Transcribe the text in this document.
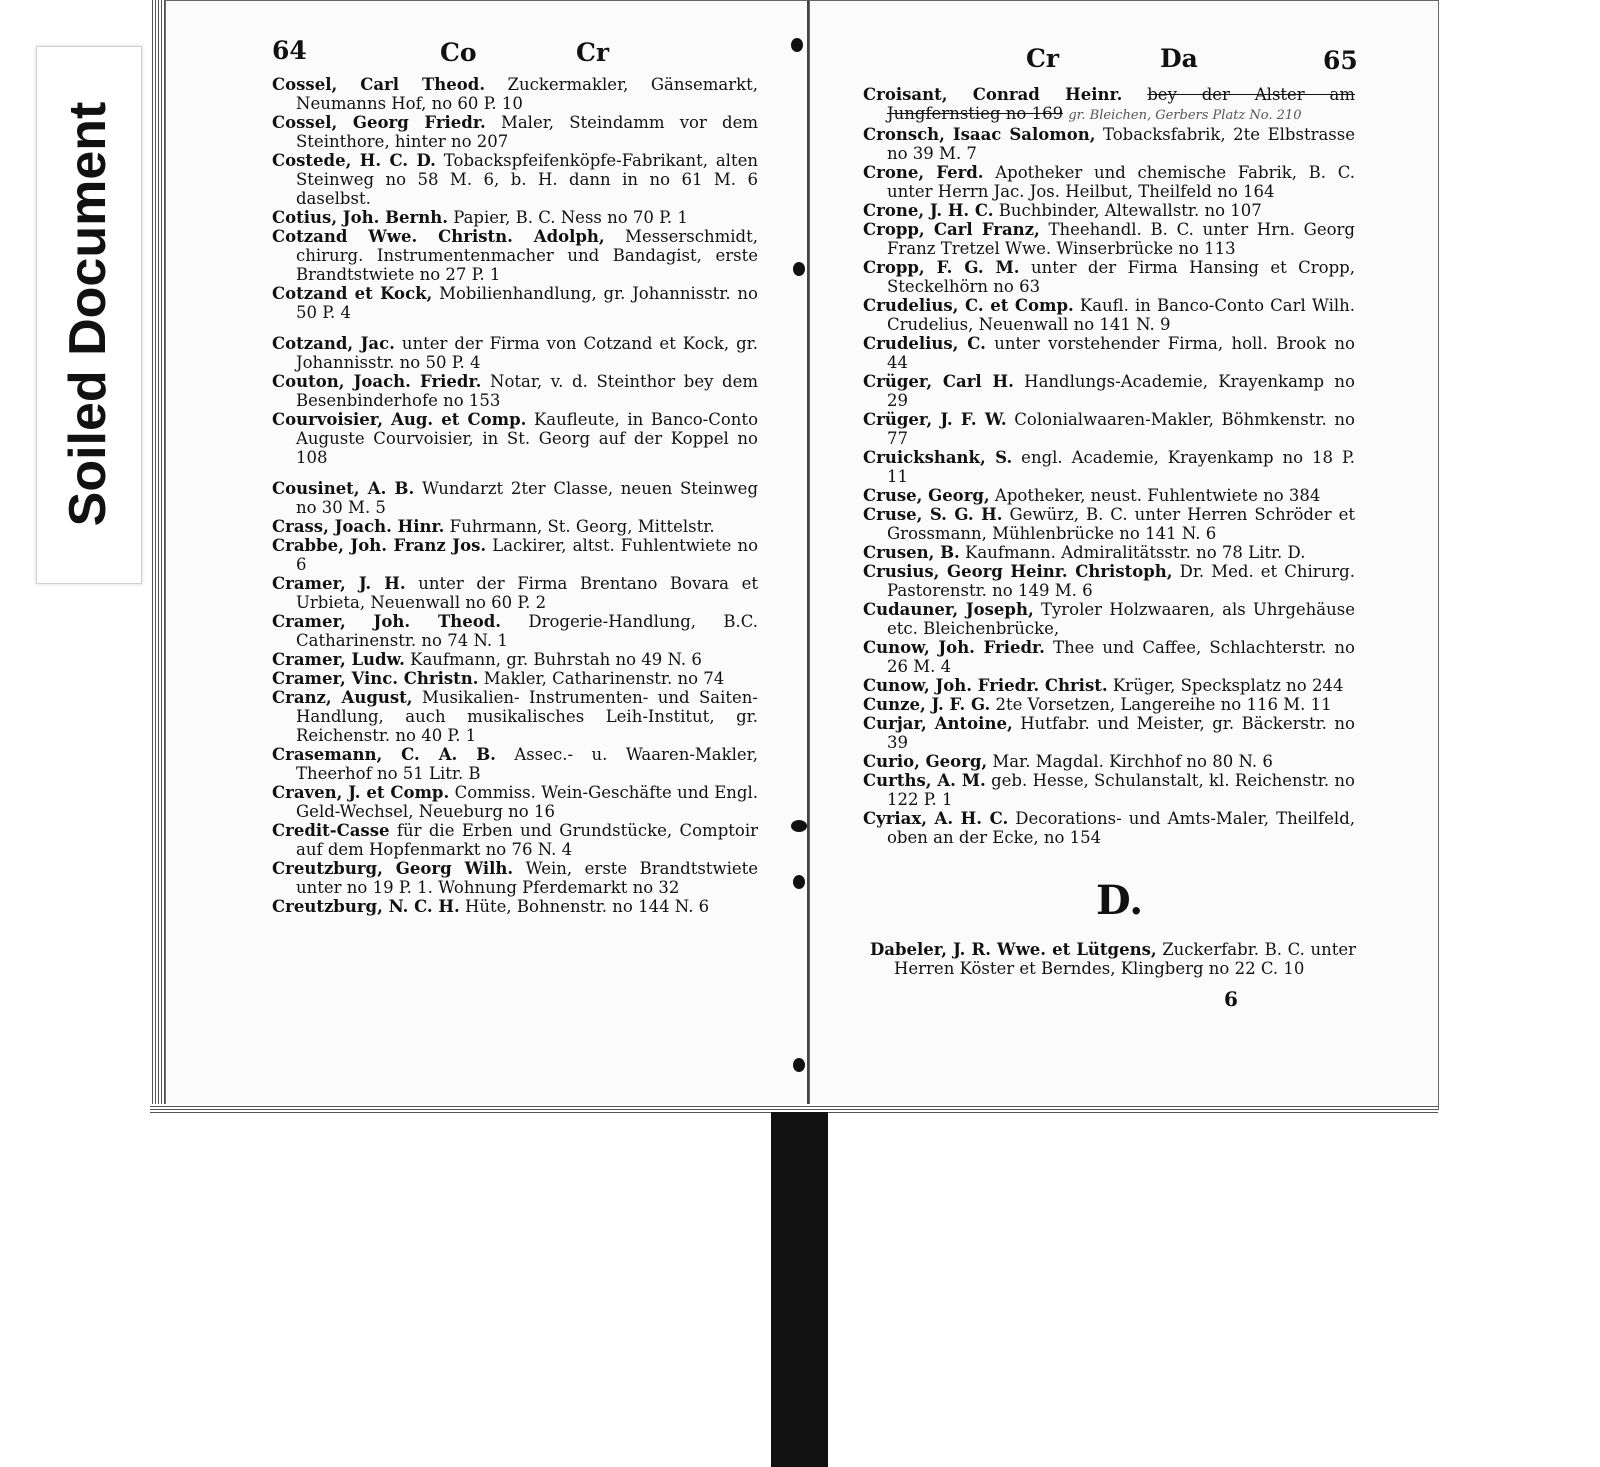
Soiled Document
64	Co	Cr	Cr	Da	65
Cossel, Carl Theod. Zuckermakler, Gänsemarkt, Neumanns Hof, no 60 P. 10
Cossel, Georg Friedr. Maler, Steindamm vor dem Steinthore, hinter no 207
Costede, H. C. D. Tobackspfeifenköpfe-Fabrikant, alten Steinweg no 58 M. 6, b. H. dann in no 61 M. 6 daselbst.
Cotius, Joh. Bernh. Papier, B. C. Ness no 70 P. 1
Cotzand Wwe. Christn. Adolph, Messerschmidt, chirurg. Instrumentenmacher und Bandagist, erste Brandtstwiete no 27 P. 1
Cotzand et Kock, Mobilienhandlung, gr. Johannisstr. no 50 P. 4
Cotzand, Jac. unter der Firma von Cotzand et Kock, gr. Johannisstr. no 50 P. 4
Couton, Joach. Friedr. Notar, v. d. Steinthor bey dem Besenbinderhofe no 153
Courvoisier, Aug. et Comp. Kaufleute, in Banco-Conto Auguste Courvoisier, in St. Georg auf der Koppel no 108
Cousinet, A. B. Wundarzt 2ter Classe, neuen Steinweg no 30 M. 5
Crass, Joach. Hinr. Fuhrmann, St. Georg, Mittelstr.
Crabbe, Joh. Franz Jos. Lackirer, altst. Fuhlentwiete no 6
Cramer, J. H. unter der Firma Brentano Bovara et Urbieta, Neuenwall no 60 P. 2
Cramer, Joh. Theod. Drogerie-Handlung, B.C. Catharinenstr. no 74 N. 1
Cramer, Ludw. Kaufmann, gr. Buhrstah no 49 N. 6
Cramer, Vinc. Christn. Makler, Catharinenstr. no 74
Cranz, August, Musikalien- Instrumenten- und Saiten-Handlung, auch musikalisches Leih-Institut, gr. Reichenstr. no 40 P. 1
Crasemann, C. A. B. Assec.- u. Waaren-Makler, Theerhof no 51 Litr. B
Craven, J. et Comp. Commiss. Wein-Geschäfte und Engl. Geld-Wechsel, Neueburg no 16
Credit-Casse für die Erben und Grundstücke, Comptoir auf dem Hopfenmarkt no 76 N. 4
Creutzburg, Georg Wilh. Wein, erste Brandtstwiete unter no 19 P. 1. Wohnung Pferdemarkt no 32
Creutzburg, N. C. H. Hüte, Bohnenstr. no 144 N. 6
Croisant, Conrad Heinr. bey der Alster am Jungfernstieg no 169 gr. Bleichen, Gerbers Platz No. 210
Cronsch, Isaac Salomon, Tobacksfabrik, 2te Elbstrasse no 39 M. 7
Crone, Ferd. Apotheker und chemische Fabrik, B. C. unter Herrn Jac. Jos. Heilbut, Theilfeld no 164
Crone, J. H. C. Buchbinder, Altewallstr. no 107
Cropp, Carl Franz, Theehandl. B. C. unter Hrn. Georg Franz Tretzel Wwe. Winserbrücke no 113
Cropp, F. G. M. unter der Firma Hansing et Cropp, Steckelhörn no 63
Crudelius, C. et Comp. Kaufl. in Banco-Conto Carl Wilh. Crudelius, Neuenwall no 141 N. 9
Crudelius, C. unter vorstehender Firma, holl. Brook no 44
Crüger, Carl H. Handlungs-Academie, Krayenkamp no 29
Crüger, J. F. W. Colonialwaaren-Makler, Böhmkenstr. no 77
Cruickshank, S. engl. Academie, Krayenkamp no 18 P. 11
Cruse, Georg, Apotheker, neust. Fuhlentwiete no 384
Cruse, S. G. H. Gewürz, B. C. unter Herren Schröder et Grossmann, Mühlenbrücke no 141 N. 6
Crusen, B. Kaufmann. Admiralitätsstr. no 78 Litr. D.
Crusius, Georg Heinr. Christoph, Dr. Med. et Chirurg. Pastorenstr. no 149 M. 6
Cudauner, Joseph, Tyroler Holzwaaren, als Uhrgehäuse etc. Bleichenbrücke,
Cunow, Joh. Friedr. Thee und Caffee, Schlachterstr. no 26 M. 4
Cunow, Joh. Friedr. Christ. Krüger, Specksplatz no 244
Cunze, J. F. G. 2te Vorsetzen, Langereihe no 116 M. 11
Curjar, Antoine, Hutfabr. und Meister, gr. Bäckerstr. no 39
Curio, Georg, Mar. Magdal. Kirchhof no 80 N. 6
Curths, A. M. geb. Hesse, Schulanstalt, kl. Reichenstr. no 122 P. 1
Cyriax, A. H. C. Decorations- und Amts-Maler, Theilfeld, oben an der Ecke, no 154
D.
Dabeler, J. R. Wwe. et Lütgens, Zuckerfabr. B. C. unter Herren Köster et Berndes, Klingberg no 22 C. 10
6
